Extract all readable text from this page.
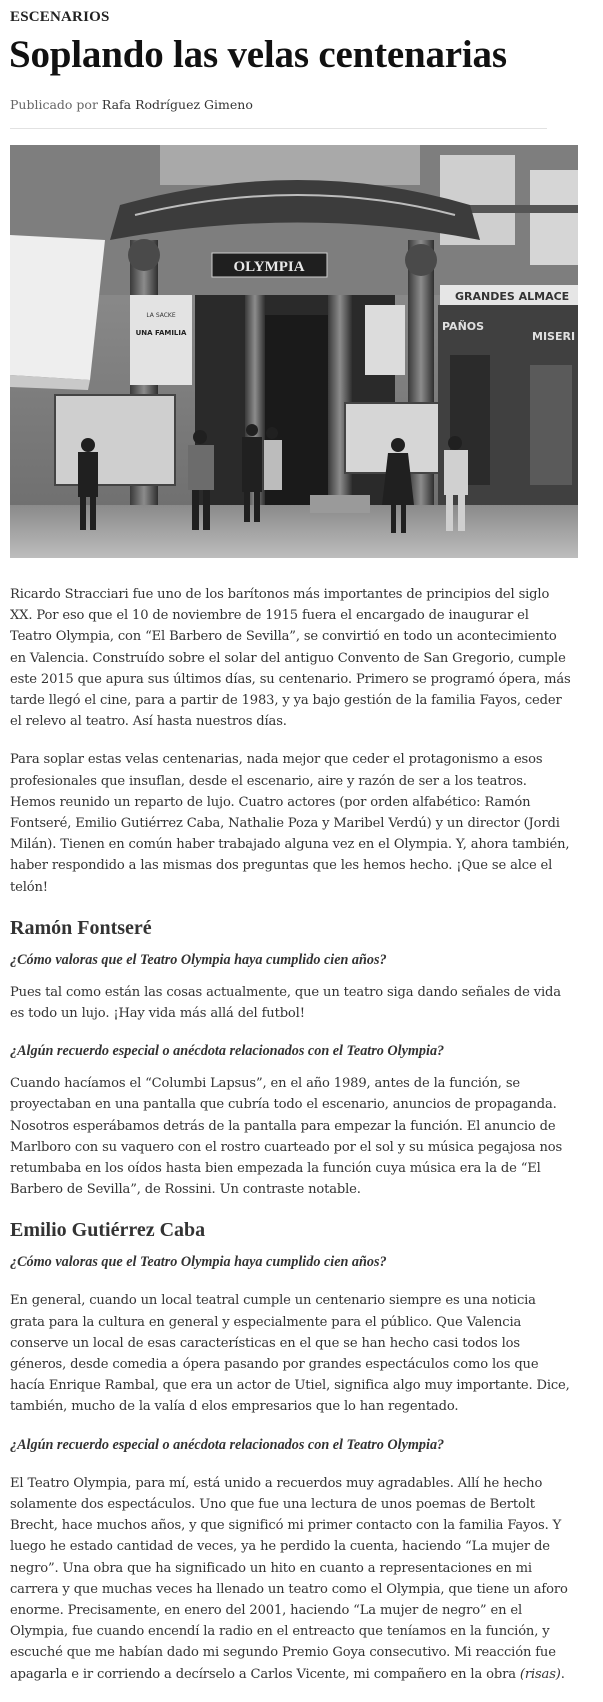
ESCENARIOS
Soplando las velas centenarias
Publicado por Rafa Rodríguez Gimeno
OLYMPIA
LA SACKE
UNA FAMILIA
GRANDES ALMACE
PAÑOS
MISERI

Ricardo Stracciari fue uno de los barítonos más importantes de principios del siglo XX. Por eso que el 10 de noviembre de 1915 fuera el encargado de inaugurar el Teatro Olympia, con “El Barbero de Sevilla”, se convirtió en todo un acontecimiento en Valencia. Construído sobre el solar del antiguo Convento de San Gregorio, cumple este 2015 que apura sus últimos días, su centenario. Primero se programó ópera, más tarde llegó el cine, para a partir de 1983, y ya bajo gestión de la familia Fayos, ceder el relevo al teatro. Así hasta nuestros días.

Para soplar estas velas centenarias, nada mejor que ceder el protagonismo a esos profesionales que insuflan, desde el escenario, aire y razón de ser a los teatros. Hemos reunido un reparto de lujo. Cuatro actores (por orden alfabético: Ramón Fontseré, Emilio Gutiérrez Caba, Nathalie Poza y Maribel Verdú) y un director (Jordi Milán). Tienen en común haber trabajado alguna vez en el Olympia. Y, ahora también, haber respondido a las mismas dos preguntas que les hemos hecho. ¡Que se alce el telón!

Ramón Fontseré

¿Cómo valoras que el Teatro Olympia haya cumplido cien años?

Pues tal como están las cosas actualmente, que un teatro siga dando señales de vida es todo un lujo. ¡Hay vida más allá del futbol!

¿Algún recuerdo especial o anécdota relacionados con el Teatro Olympia?

Cuando hacíamos el “Columbi Lapsus”, en el año 1989, antes de la función, se proyectaban en una pantalla que cubría todo el escenario, anuncios de propaganda. Nosotros esperábamos detrás de la pantalla para empezar la función. El anuncio de Marlboro con su vaquero con el rostro cuarteado por el sol y su música pegajosa nos retumbaba en los oídos hasta bien empezada la función cuya música era la de “El Barbero de Sevilla”, de Rossini. Un contraste notable.

Emilio Gutiérrez Caba

¿Cómo valoras que el Teatro Olympia haya cumplido cien años?

En general, cuando un local teatral cumple un centenario siempre es una noticia grata para la cultura en general y especialmente para el público. Que Valencia conserve un local de esas características en el que se han hecho casi todos los géneros, desde comedia a ópera pasando por grandes espectáculos como los que hacía Enrique Rambal, que era un actor de Utiel, significa algo muy importante. Dice, también, mucho de la valía d elos empresarios que lo han regentado.

¿Algún recuerdo especial o anécdota relacionados con el Teatro Olympia?

El Teatro Olympia, para mí, está unido a recuerdos muy agradables. Allí he hecho solamente dos espectáculos. Uno que fue una lectura de unos poemas de Bertolt Brecht, hace muchos años, y que significó mi primer contacto con la familia Fayos. Y luego he estado cantidad de veces, ya he perdido la cuenta, haciendo “La mujer de negro”. Una obra que ha significado un hito en cuanto a representaciones en mi carrera y que muchas veces ha llenado un teatro como el Olympia, que tiene un aforo enorme. Precisamente, en enero del 2001, haciendo “La mujer de negro” en el Olympia, fue cuando encendí la radio en el entreacto que teníamos en la función, y escuché que me habían dado mi segundo Premio Goya consecutivo. Mi reacción fue apagarla e ir corriendo a decírselo a Carlos Vicente, mi compañero en la obra (risas).
